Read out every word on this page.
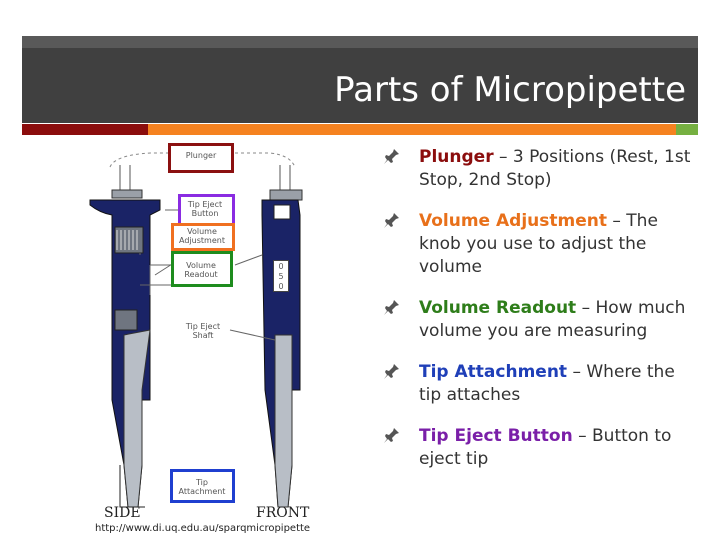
Parts of Micropipette
Plunger
Tip Eject Button
Volume Adjustment
Volume Readout
0
5
0
Tip Eject Shaft
Tip Attachment
SIDE	FRONT
http://www.di.uq.edu.au/sparqmicropipette
Plunger – 3 Positions (Rest, 1st Stop, 2nd Stop)
Volume Adjustment – The knob you use to adjust the volume
Volume Readout – How much volume you are measuring
Tip Attachment – Where the tip attaches
Tip Eject Button – Button to eject tip
